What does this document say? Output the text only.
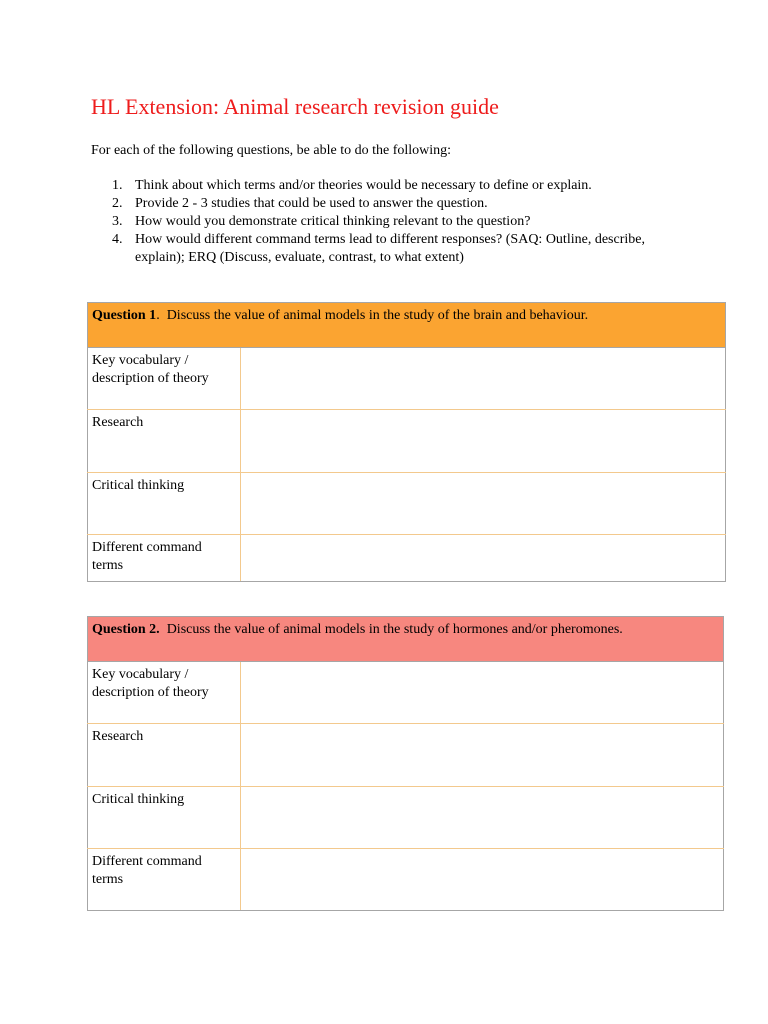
HL Extension: Animal research revision guide

For each of the following questions, be able to do the following:

1. Think about which terms and/or theories would be necessary to define or explain.
2. Provide 2 - 3 studies that could be used to answer the question.
3. How would you demonstrate critical thinking relevant to the question?
4. How would different command terms lead to different responses? (SAQ: Outline, describe, explain); ERQ (Discuss, evaluate, contrast, to what extent)
Question 1. Discuss the value of animal models in the study of the brain and behaviour.	
Key vocabulary / description of theory	
Research	
Critical thinking	
Different command terms	
Question 2. Discuss the value of animal models in the study of hormones and/or pheromones.	
Key vocabulary / description of theory	
Research	
Critical thinking	
Different command terms	
